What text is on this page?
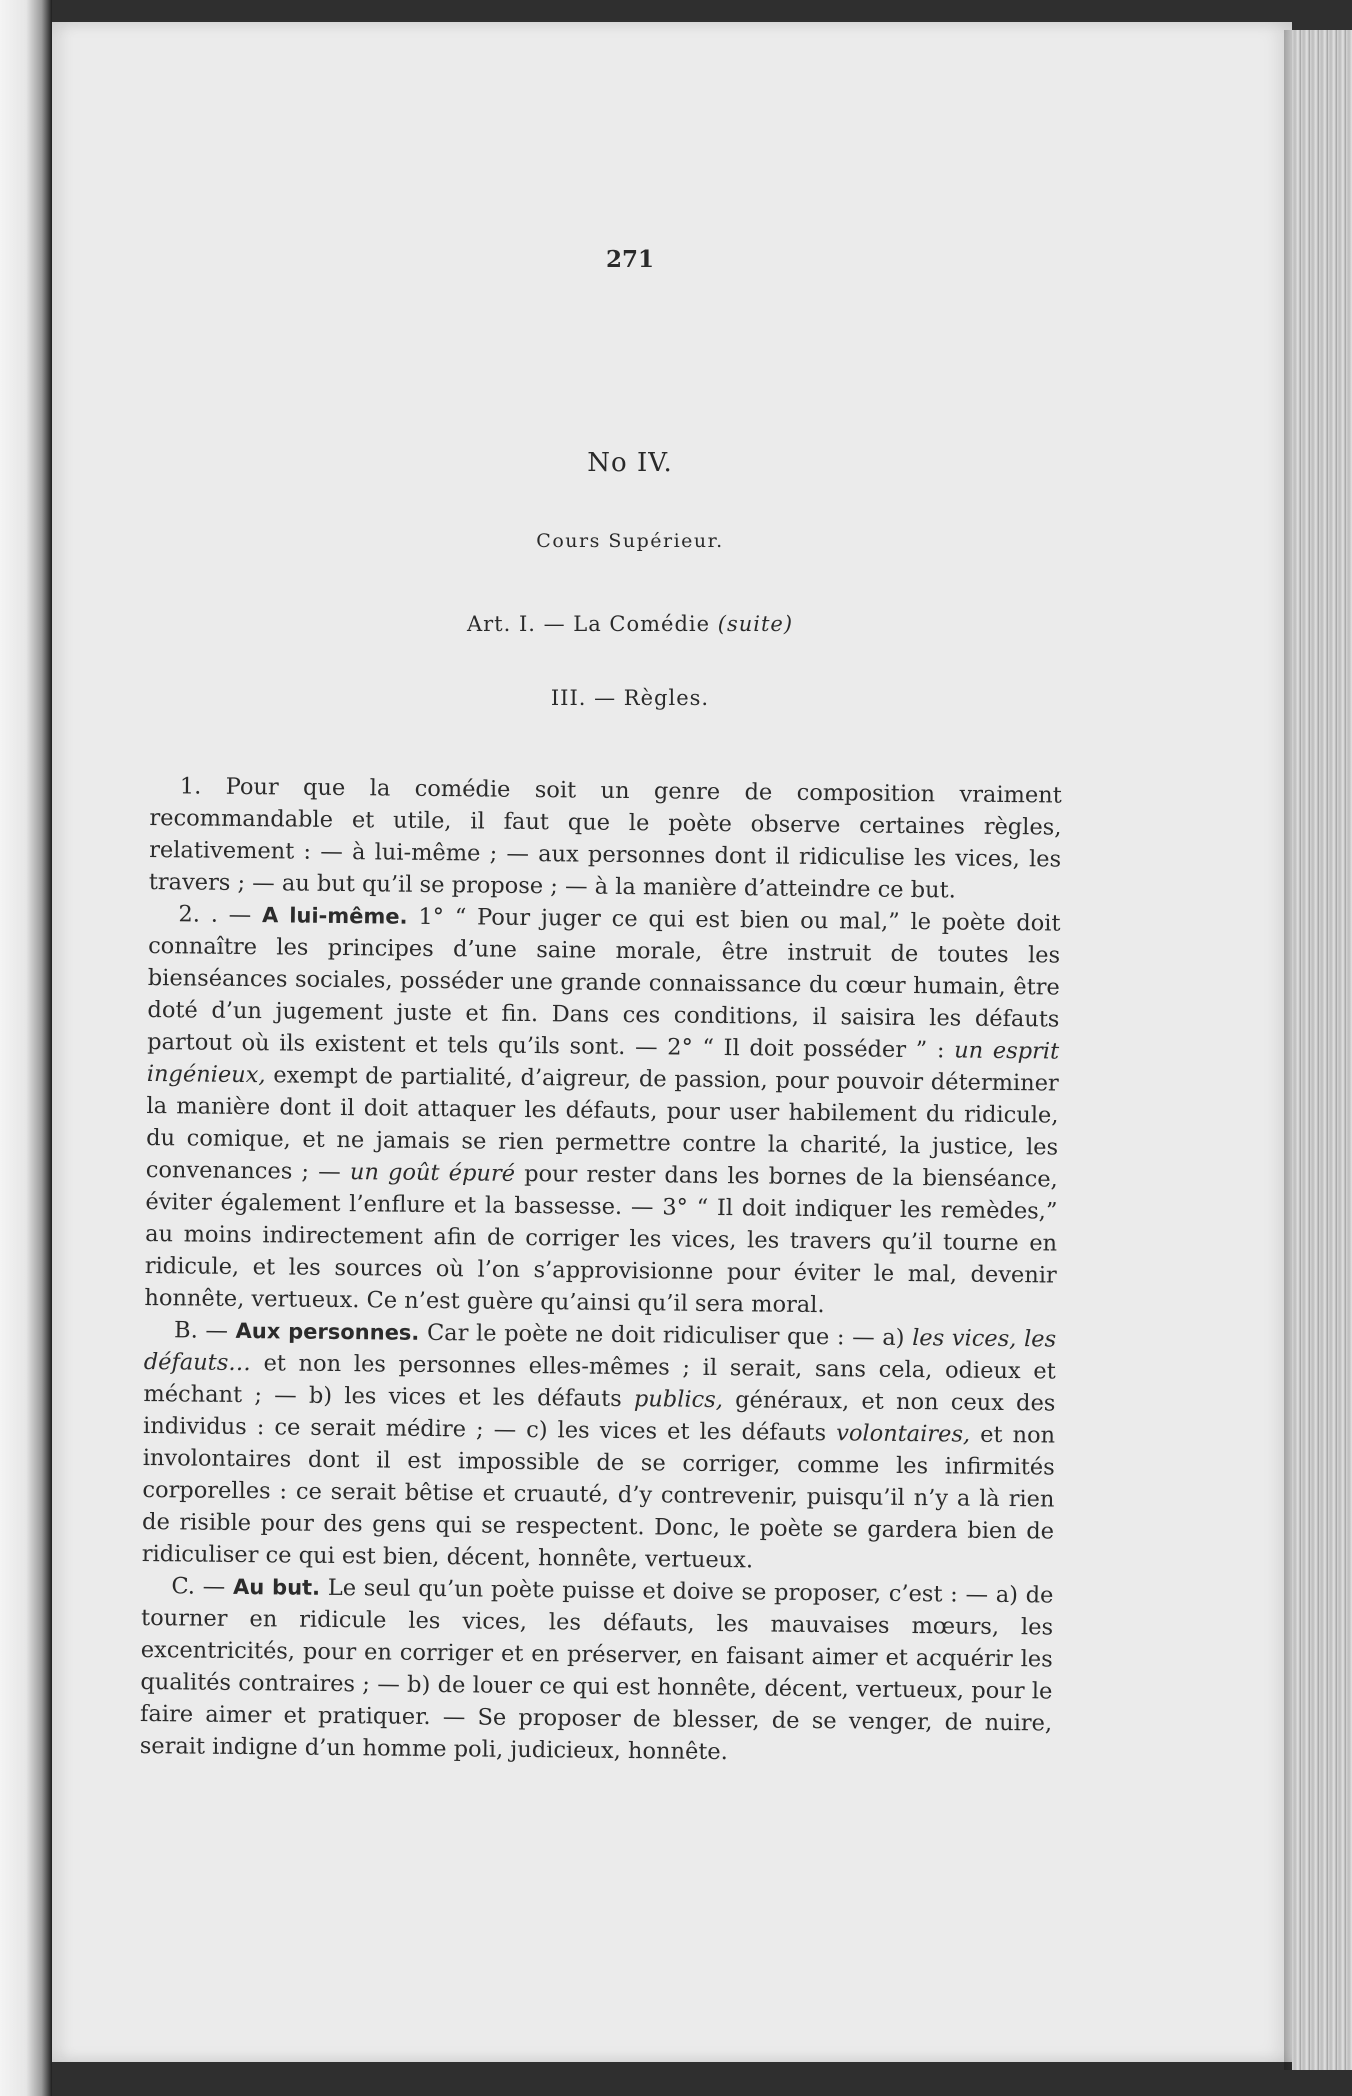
271
No IV.
Cours Supérieur.
Art. I. — La Comédie (suite)
III. — Règles.

1. Pour que la comédie soit un genre de composition vraiment recommandable et utile, il faut que le poète observe certaines règles, relativement : — à lui-même ; — aux personnes dont il ridiculise les vices, les travers ; — au but qu’il se propose ; — à la manière d’atteindre ce but.

2. . — A lui-même. 1° “ Pour juger ce qui est bien ou mal,” le poète doit connaître les principes d’une saine morale, être instruit de toutes les bienséances sociales, posséder une grande connaissance du cœur humain, être doté d’un jugement juste et fin. Dans ces conditions, il saisira les défauts partout où ils existent et tels qu’ils sont. — 2° “ Il doit posséder ” : un esprit ingénieux, exempt de partialité, d’aigreur, de passion, pour pouvoir déterminer la manière dont il doit attaquer les défauts, pour user habilement du ridicule, du comique, et ne jamais se rien permettre contre la charité, la justice, les convenances ; — un goût épuré pour rester dans les bornes de la bienséance, éviter également l’enflure et la bassesse. — 3° “ Il doit indiquer les remèdes,” au moins indirectement afin de corriger les vices, les travers qu’il tourne en ridicule, et les sources où l’on s’approvisionne pour éviter le mal, devenir honnête, vertueux. Ce n’est guère qu’ainsi qu’il sera moral.

B. — Aux personnes. Car le poète ne doit ridiculiser que : — a) les vices, les défauts… et non les personnes elles-mêmes ; il serait, sans cela, odieux et méchant ; — b) les vices et les défauts publics, généraux, et non ceux des individus : ce serait médire ; — c) les vices et les défauts volontaires, et non involontaires dont il est impossible de se corriger, comme les infirmités corporelles : ce serait bêtise et cruauté, d’y contrevenir, puisqu’il n’y a là rien de risible pour des gens qui se respectent. Donc, le poète se gardera bien de ridiculiser ce qui est bien, décent, honnête, vertueux.

C. — Au but. Le seul qu’un poète puisse et doive se proposer, c’est : — a) de tourner en ridicule les vices, les défauts, les mauvaises mœurs, les excentricités, pour en corriger et en préserver, en faisant aimer et acquérir les qualités contraires ; — b) de louer ce qui est honnête, décent, vertueux, pour le faire aimer et pratiquer. — Se proposer de blesser, de se venger, de nuire, serait indigne d’un homme poli, judicieux, honnête.
